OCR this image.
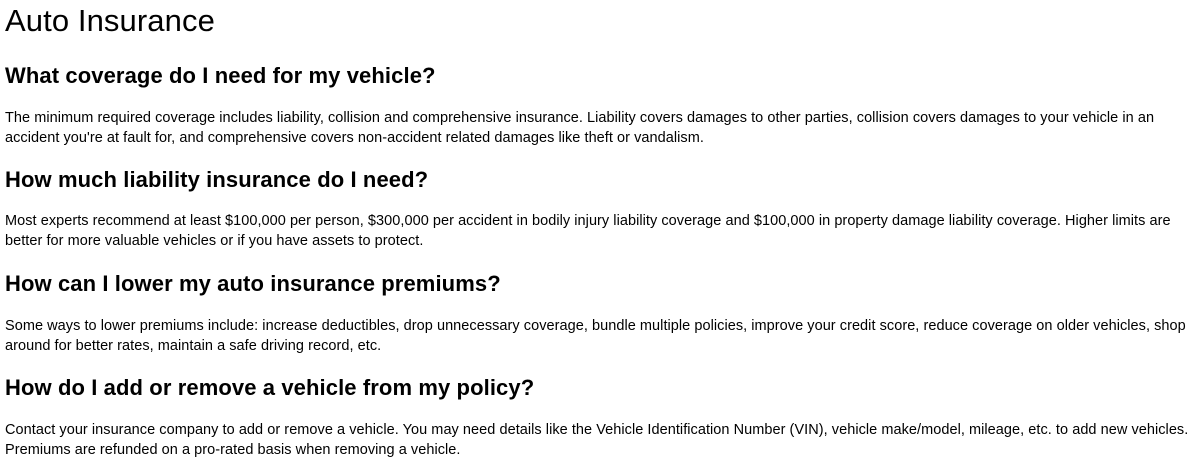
Auto Insurance
What coverage do I need for my vehicle?

The minimum required coverage includes liability, collision and comprehensive insurance. Liability covers damages to other parties, collision covers damages to your vehicle in an accident you're at fault for, and comprehensive covers non-accident related damages like theft or vandalism.

How much liability insurance do I need?

Most experts recommend at least $100,000 per person, $300,000 per accident in bodily injury liability coverage and $100,000 in property damage liability coverage. Higher limits are better for more valuable vehicles or if you have assets to protect.

How can I lower my auto insurance premiums?

Some ways to lower premiums include: increase deductibles, drop unnecessary coverage, bundle multiple policies, improve your credit score, reduce coverage on older vehicles, shop around for better rates, maintain a safe driving record, etc.

How do I add or remove a vehicle from my policy?

Contact your insurance company to add or remove a vehicle. You may need details like the Vehicle Identification Number (VIN), vehicle make/model, mileage, etc. to add new vehicles. Premiums are refunded on a pro-rated basis when removing a vehicle.
